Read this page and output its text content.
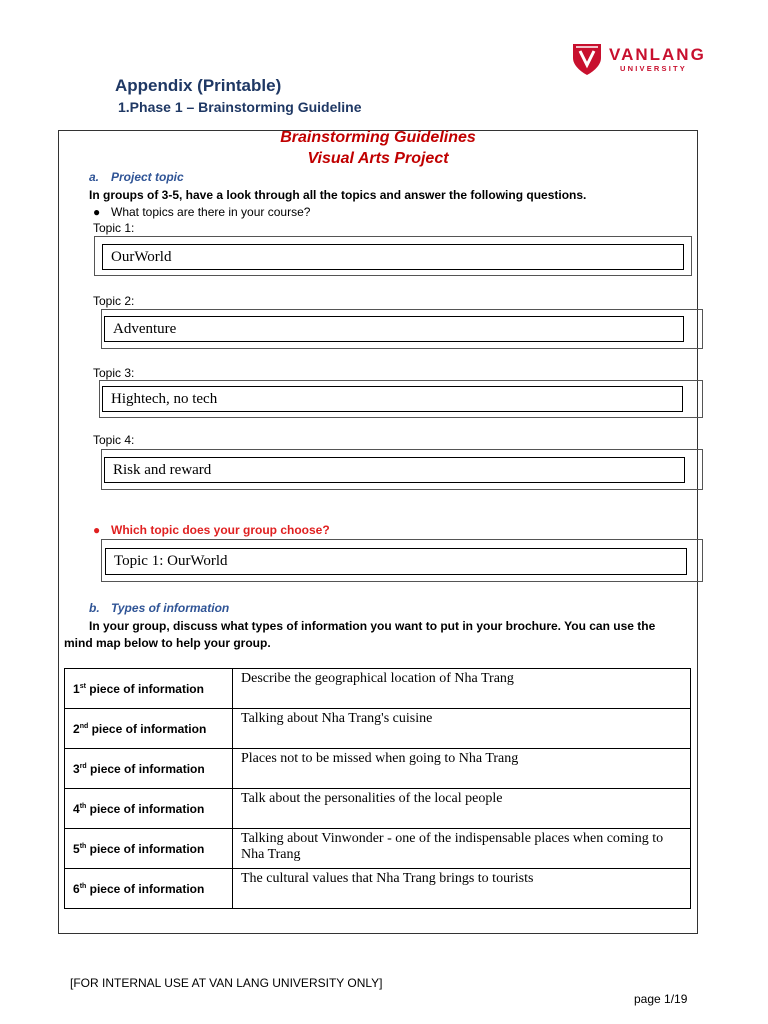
VANLANG
UNIVERSITY
Appendix (Printable)
1.Phase 1 – Brainstorming Guideline
Brainstorming Guidelines
Visual Arts Project
a. Project topic
In groups of 3-5, have a look through all the topics and answer the following questions.
● What topics are there in your course?
Topic 1:
OurWorld
Topic 2:
Adventure
Topic 3:
Hightech, no tech
Topic 4:
Risk and reward
● Which topic does your group choose?
Topic 1: OurWorld
b. Types of information
In your group, discuss what types of information you want to put in your brochure. You can use the
mind map below to help your group.
1st piece of information	Describe the geographical location of Nha Trang
2nd piece of information	Talking about Nha Trang's cuisine
3rd piece of information	Places not to be missed when going to Nha Trang
4th piece of information	Talk about the personalities of the local people
5th piece of information	Talking about Vinwonder - one of the indispensable places when coming to Nha Trang
6th piece of information	The cultural values that Nha Trang brings to tourists
[FOR INTERNAL USE AT VAN LANG UNIVERSITY ONLY]
page 1/19
